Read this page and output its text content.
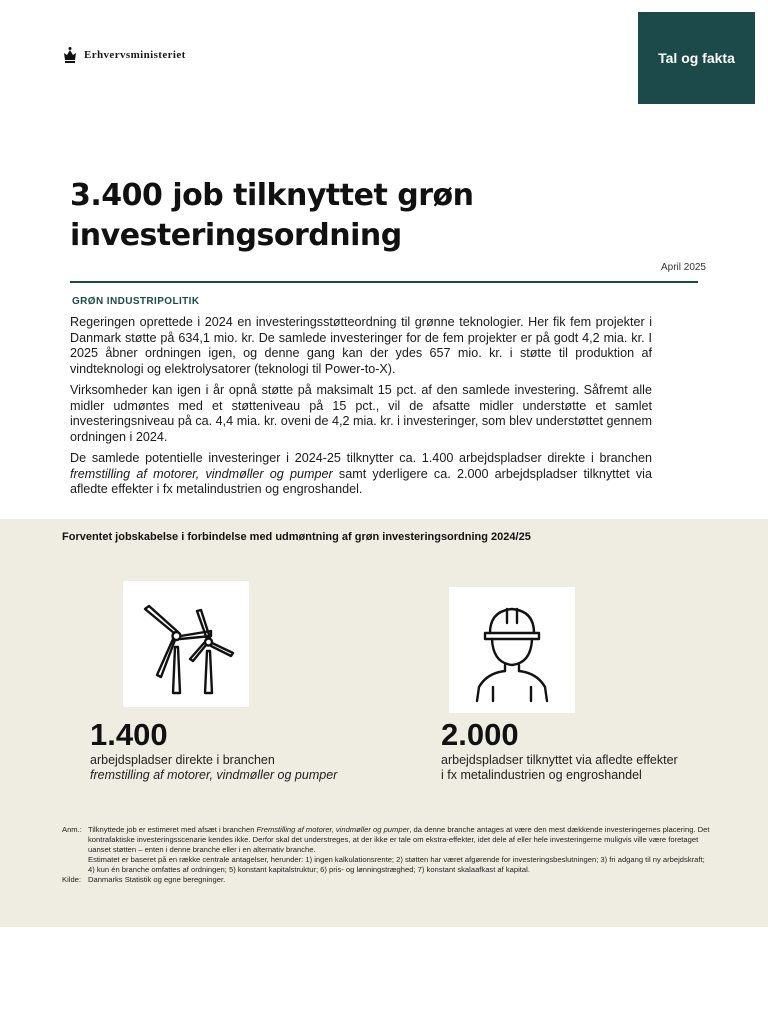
Erhvervsministeriet	Tal og fakta
3.400 job tilknyttet grøn investeringsordning
April 2025
GRØN INDUSTRIPOLITIK

Regeringen oprettede i 2024 en investeringsstøtteordning til grønne teknologier. Her fik fem projekter i Danmark støtte på 634,1 mio. kr. De samlede investeringer for de fem projekter er på godt 4,2 mia. kr. I 2025 åbner ordningen igen, og denne gang kan der ydes 657 mio. kr. i støtte til produktion af vindteknologi og elektrolysatorer (teknologi til Power-to-X).

Virksomheder kan igen i år opnå støtte på maksimalt 15 pct. af den samlede investering. Såfremt alle midler udmøntes med et støtteniveau på 15 pct., vil de afsatte midler understøtte et samlet investeringsniveau på ca. 4,4 mia. kr. oveni de 4,2 mia. kr. i investeringer, som blev understøttet gennem ordningen i 2024.

De samlede potentielle investeringer i 2024-25 tilknytter ca. 1.400 arbejdspladser direkte i branchen fremstilling af motorer, vindmøller og pumper samt yderligere ca. 2.000 arbejdspladser tilknyttet via afledte effekter i fx metalindustrien og engroshandel.

Forventet jobskabelse i forbindelse med udmøntning af grøn investeringsordning 2024/25
1.400
arbejdspladser direkte i branchen
fremstilling af motorer, vindmøller og pumper
2.000
arbejdspladser tilknyttet via afledte effekter
i fx metalindustrien og engroshandel
Anm.: Tilknyttede job er estimeret med afsæt i branchen Fremstilling af motorer, vindmøller og pumper, da denne branche antages at være den mest dækkende investeringernes placering. Det kontrafaktiske investeringsscenarie kendes ikke. Derfor skal det understreges, at der ikke er tale om ekstra-effekter, idet dele af eller hele investeringerne muligvis ville være foretaget uanset støtten – enten i denne branche eller i en alternativ branche.
Estimatet er baseret på en række centrale antagelser, herunder: 1) ingen kalkulationsrente; 2) støtten har været afgørende for investeringsbeslutningen; 3) fri adgang til ny arbejdskraft; 4) kun én branche omfattes af ordningen; 5) konstant kapitalstruktur; 6) pris- og lønningstræghed; 7) konstant skalaafkast af kapital.
Kilde: Danmarks Statistik og egne beregninger.
